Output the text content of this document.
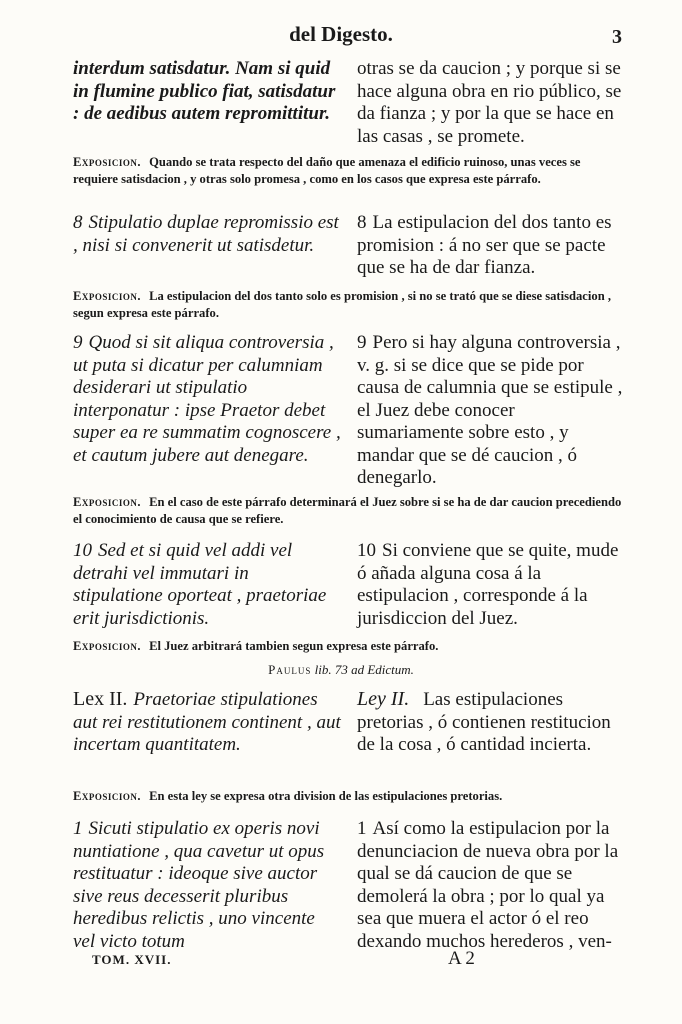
del Digesto.	3
interdum satisdatur. Nam si quid in flumine publico fiat, satisdatur : de aedibus autem repromittitur.
otras se da caucion ; y porque si se hace alguna obra en rio público, se da fianza ; y por la que se hace en las casas , se promete.
Exposicion. Quando se trata respecto del daño que amenaza el edificio ruinoso, unas veces se requiere satisdacion , y otras solo promesa , como en los casos que expresa este párrafo.
8 Stipulatio duplae repromissio est , nisi si convenerit ut satisdetur.
8 La estipulacion del dos tanto es promision : á no ser que se pacte que se ha de dar fianza.
Exposicion. La estipulacion del dos tanto solo es promision , si no se trató que se diese satisdacion , segun expresa este párrafo.
9 Quod si sit aliqua controversia , ut puta si dicatur per calumniam desiderari ut stipulatio interponatur : ipse Praetor debet super ea re summatim cognoscere , et cautum jubere aut denegare.
9 Pero si hay alguna controversia , v. g. si se dice que se pide por causa de calumnia que se estipule , el Juez debe conocer sumariamente sobre esto , y mandar que se dé caucion , ó denegarlo.
Exposicion. En el caso de este párrafo determinará el Juez sobre si se ha de dar caucion precediendo el conocimiento de causa que se refiere.
10 Sed et si quid vel addi vel detrahi vel immutari in stipulatione oporteat , praetoriae erit jurisdictionis.
10 Si conviene que se quite, mude ó añada alguna cosa á la estipulacion , corresponde á la jurisdiccion del Juez.
Exposicion. El Juez arbitrará tambien segun expresa este párrafo.
Paulus lib. 73 ad Edictum.
Lex II. Praetoriae stipulationes aut rei restitutionem continent , aut incertam quantitatem.
Ley II. Las estipulaciones pretorias , ó contienen restitucion de la cosa , ó cantidad incierta.
Exposicion. En esta ley se expresa otra division de las estipulaciones pretorias.
1 Sicuti stipulatio ex operis novi nuntiatione , qua cavetur ut opus restituatur : ideoque sive auctor sive reus decesserit pluribus heredibus relictis , uno vincente vel victo totum
1 Así como la estipulacion por la denunciacion de nueva obra por la qual se dá caucion de que se demolerá la obra ; por lo qual ya sea que muera el actor ó el reo dexando muchos herederos , ven-
TOM. XVII.	A 2
